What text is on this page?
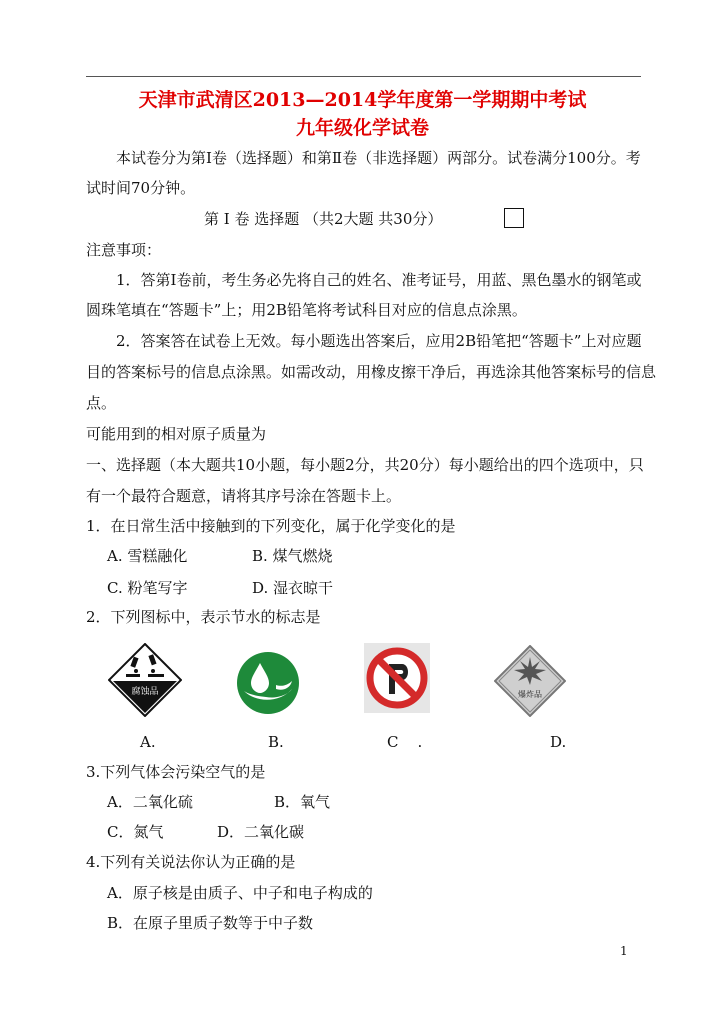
天津市武清区2013—2014学年度第一学期期中考试
九年级化学试卷
本试卷分为第Ⅰ卷（选择题）和第Ⅱ卷（非选择题）两部分。试卷满分100分。考
试时间70分钟。
第 Ⅰ 卷 选择题 （共2大题 共30分）
注意事项：
1．答第Ⅰ卷前，考生务必先将自己的姓名、准考证号，用蓝、黑色墨水的钢笔或
圆珠笔填在“答题卡”上；用2B铅笔将考试科目对应的信息点涂黑。
2．答案答在试卷上无效。每小题选出答案后，应用2B铅笔把“答题卡”上对应题
目的答案标号的信息点涂黑。如需改动，用橡皮擦干净后，再选涂其他答案标号的信息
点。
可能用到的相对原子质量为
一、选择题（本大题共10小题，每小题2分，共20分）每小题给出的四个选项中，只
有一个最符合题意，请将其序号涂在答题卡上。
1．在日常生活中接触到的下列变化，属于化学变化的是
A. 雪糕融化	B. 煤气燃烧
C. 粉笔写字	D. 湿衣晾干
2．下列图标中，表示节水的标志是
腐蚀品	爆炸品
A.	B.	C    .	D.
3.下列气体会污染空气的是
A．二氧化硫	B．氧气
C．氮气	D．二氧化碳
4.下列有关说法你认为正确的是
A．原子核是由质子、中子和电子构成的
B．在原子里质子数等于中子数
1
